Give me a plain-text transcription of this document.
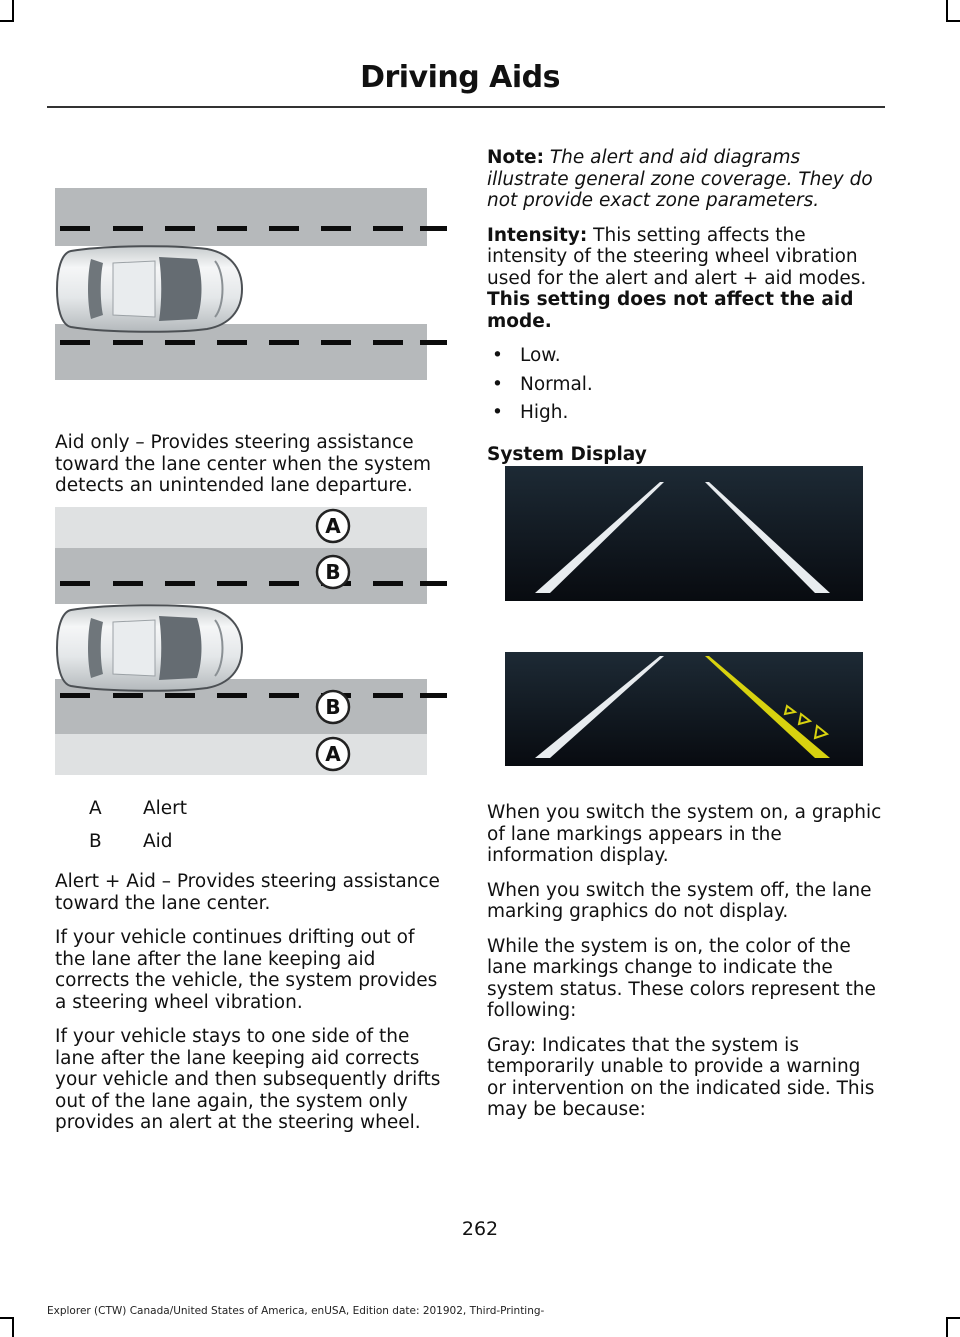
Driving Aids

Aid only – Provides steering assistance toward the lane center when the system detects an unintended lane departure.

A
B
B
A
A	Alert
B	Aid

Alert + Aid – Provides steering assistance toward the lane center.

If your vehicle continues drifting out of the lane after the lane keeping aid corrects the vehicle, the system provides a steering wheel vibration.

If your vehicle stays to one side of the lane after the lane keeping aid corrects your vehicle and then subsequently drifts out of the lane again, the system only provides an alert at the steering wheel.

Note: The alert and aid diagrams illustrate general zone coverage. They do not provide exact zone parameters.

Intensity: This setting affects the intensity of the steering wheel vibration used for the alert and alert + aid modes. This setting does not affect the aid mode.

• Low.
• Normal.
• High.

System Display

When you switch the system on, a graphic of lane markings appears in the information display.

When you switch the system off, the lane marking graphics do not display.

While the system is on, the color of the lane markings change to indicate the system status. These colors represent the following:

Gray: Indicates that the system is temporarily unable to provide a warning or intervention on the indicated side. This may be because:

262
Explorer (CTW) Canada/United States of America, enUSA, Edition date: 201902, Third-Printing-
